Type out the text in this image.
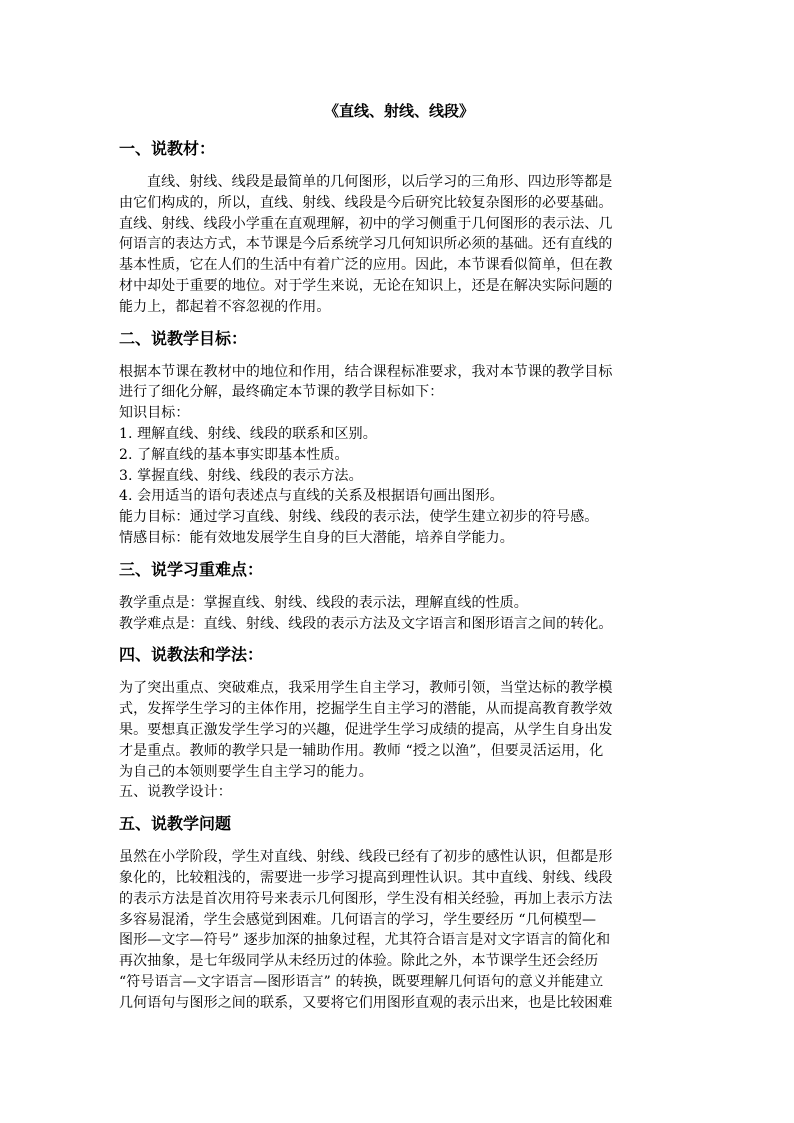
《直线、射线、线段》
一、说教材：
直线、射线、线段是最简单的几何图形，以后学习的三角形、四边形等都是
由它们构成的，所以，直线、射线、线段是今后研究比较复杂图形的必要基础。
直线、射线、线段小学重在直观理解，初中的学习侧重于几何图形的表示法、几
何语言的表达方式，本节课是今后系统学习几何知识所必须的基础。还有直线的
基本性质，它在人们的生活中有着广泛的应用。因此，本节课看似简单，但在教
材中却处于重要的地位。对于学生来说，无论在知识上，还是在解决实际问题的
能力上，都起着不容忽视的作用。
二、说教学目标：
根据本节课在教材中的地位和作用，结合课程标准要求，我对本节课的教学目标
进行了细化分解，最终确定本节课的教学目标如下：
知识目标：
1. 理解直线、射线、线段的联系和区别。
2. 了解直线的基本事实即基本性质。
3. 掌握直线、射线、线段的表示方法。
4. 会用适当的语句表述点与直线的关系及根据语句画出图形。
能力目标：通过学习直线、射线、线段的表示法，使学生建立初步的符号感。
情感目标：能有效地发展学生自身的巨大潜能，培养自学能力。
三、说学习重难点：
教学重点是：掌握直线、射线、线段的表示法，理解直线的性质。
教学难点是：直线、射线、线段的表示方法及文字语言和图形语言之间的转化。
四、说教法和学法：
为了突出重点、突破难点，我采用学生自主学习，教师引领，当堂达标的教学模
式，发挥学生学习的主体作用，挖掘学生自主学习的潜能，从而提高教育教学效
果。要想真正激发学生学习的兴趣，促进学生学习成绩的提高，从学生自身出发
才是重点。教师的教学只是一辅助作用。教师 “授之以渔”，但要灵活运用，化
为自己的本领则要学生自主学习的能力。
五、说教学设计：
五、说教学问题
虽然在小学阶段，学生对直线、射线、线段已经有了初步的感性认识，但都是形
象化的，比较粗浅的，需要进一步学习提高到理性认识。其中直线、射线、线段
的表示方法是首次用符号来表示几何图形，学生没有相关经验，再加上表示方法
多容易混淆，学生会感觉到困难。几何语言的学习，学生要经历 “几何模型—
图形—文字—符号” 逐步加深的抽象过程，尤其符合语言是对文字语言的简化和
再次抽象，是七年级同学从未经历过的体验。除此之外，本节课学生还会经历
“符号语言—文字语言—图形语言” 的转换，既要理解几何语句的意义并能建立
几何语句与图形之间的联系，又要将它们用图形直观的表示出来，也是比较困难
